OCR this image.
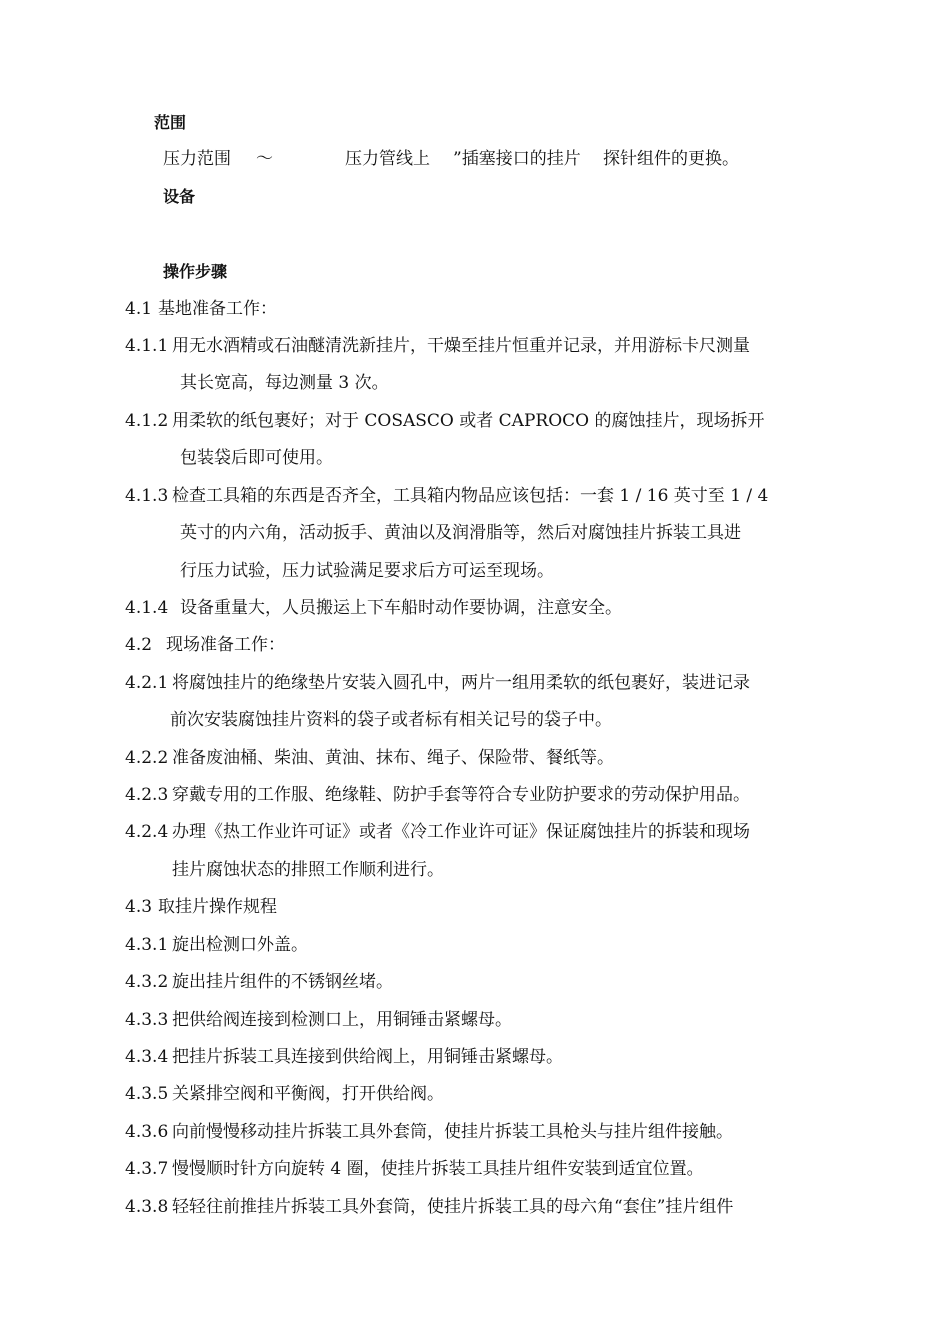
范围
压力范围 ～	压力管线上 ”插塞接口的挂片 探针组件的更换。
设备
操作步骤
4.1 基地准备工作：
4.1.1 用无水酒精或石油醚清洗新挂片，干燥至挂片恒重并记录，并用游标卡尺测量
其长宽高，每边测量 3 次。
4.1.2 用柔软的纸包裹好；对于 COSASCO 或者 CAPROCO 的腐蚀挂片，现场拆开
包装袋后即可使用。
4.1.3 检查工具箱的东西是否齐全，工具箱内物品应该包括：一套 1 / 16 英寸至 1 / 4
英寸的内六角，活动扳手、黄油以及润滑脂等，然后对腐蚀挂片拆装工具进
行压力试验，压力试验满足要求后方可运至现场。
4.1.4 设备重量大，人员搬运上下车船时动作要协调，注意安全。
4.2 现场准备工作：
4.2.1 将腐蚀挂片的绝缘垫片安装入圆孔中，两片一组用柔软的纸包裹好，装进记录
前次安装腐蚀挂片资料的袋子或者标有相关记号的袋子中。
4.2.2 准备废油桶、柴油、黄油、抹布、绳子、保险带、餐纸等。
4.2.3 穿戴专用的工作服、绝缘鞋、防护手套等符合专业防护要求的劳动保护用品。
4.2.4 办理《热工作业许可证》或者《冷工作业许可证》保证腐蚀挂片的拆装和现场
挂片腐蚀状态的排照工作顺利进行。
4.3 取挂片操作规程
4.3.1 旋出检测口外盖。
4.3.2 旋出挂片组件的不锈钢丝堵。
4.3.3 把供给阀连接到检测口上，用铜锤击紧螺母。
4.3.4 把挂片拆装工具连接到供给阀上，用铜锤击紧螺母。
4.3.5 关紧排空阀和平衡阀，打开供给阀。
4.3.6 向前慢慢移动挂片拆装工具外套筒，使挂片拆装工具枪头与挂片组件接触。
4.3.7 慢慢顺时针方向旋转 4 圈，使挂片拆装工具挂片组件安装到适宜位置。
4.3.8 轻轻往前推挂片拆装工具外套筒，使挂片拆装工具的母六角“套住”挂片组件
